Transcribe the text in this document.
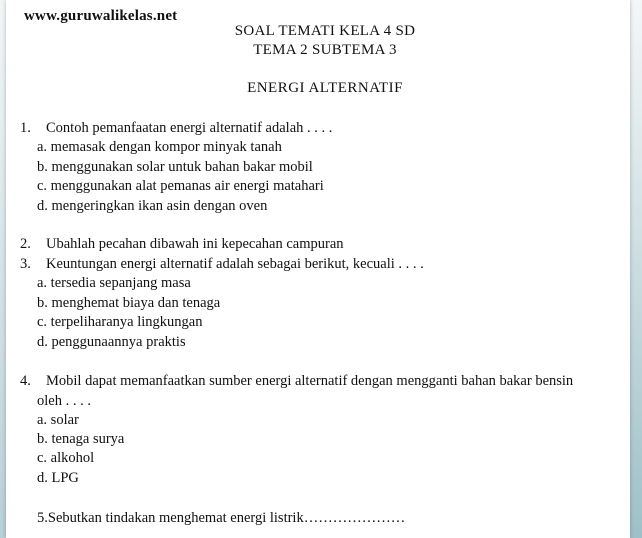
www.guruwalikelas.net
SOAL TEMATI KELA 4 SD
TEMA 2 SUBTEMA 3
ENERGI ALTERNATIF
1. Contoh pemanfaatan energi alternatif adalah . . . .
a. memasak dengan kompor minyak tanah
b. menggunakan solar untuk bahan bakar mobil
c. menggunakan alat pemanas air energi matahari
d. mengeringkan ikan asin dengan oven
2. Ubahlah pecahan dibawah ini kepecahan campuran
3. Keuntungan energi alternatif adalah sebagai berikut, kecuali . . . .
a. tersedia sepanjang masa
b. menghemat biaya dan tenaga
c. terpeliharanya lingkungan
d. penggunaannya praktis
4. Mobil dapat memanfaatkan sumber energi alternatif dengan mengganti bahan bakar bensin
oleh . . . .
a. solar
b. tenaga surya
c. alkohol
d. LPG
5.Sebutkan tindakan menghemat energi listrik…………………
